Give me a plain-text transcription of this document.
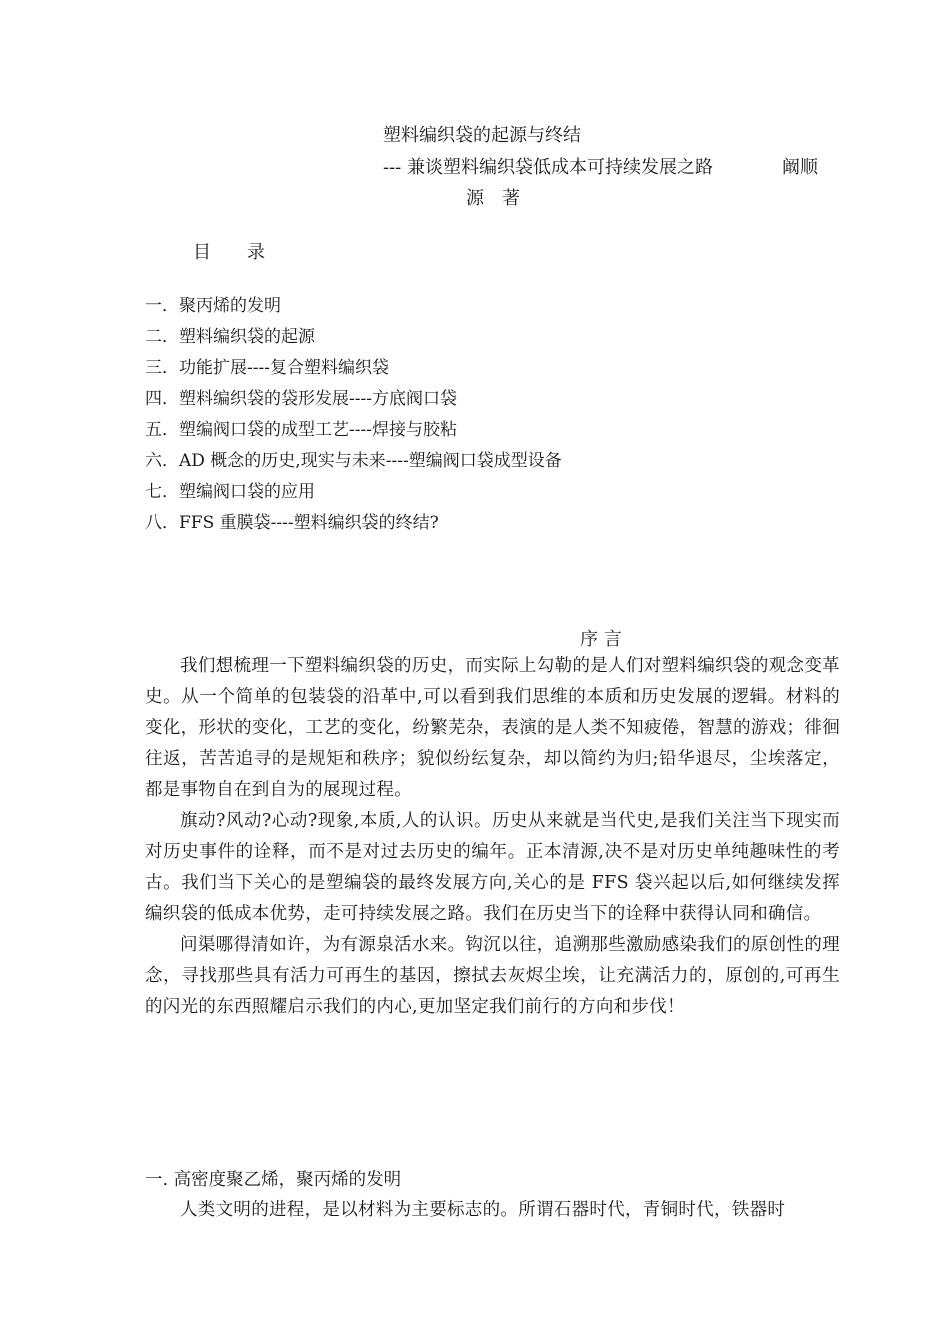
塑料编织袋的起源与终结
--- 兼谈塑料编织袋低成本可持续发展之路	阚顺
源　著
目　　录
一．聚丙烯的发明
二．塑料编织袋的起源
三．功能扩展----复合塑料编织袋
四．塑料编织袋的袋形发展----方底阀口袋
五．塑编阀口袋的成型工艺----焊接与胶粘
六．AD 概念的历史,现实与未来----塑编阀口袋成型设备
七．塑编阀口袋的应用
八．FFS 重膜袋----塑料编织袋的终结?
序 言

我们想梳理一下塑料编织袋的历史，而实际上勾勒的是人们对塑料编织袋的观念变革史。从一个简单的包装袋的沿革中,可以看到我们思维的本质和历史发展的逻辑。材料的变化，形状的变化，工艺的变化，纷繁芜杂，表演的是人类不知疲倦，智慧的游戏；徘徊往返，苦苦追寻的是规矩和秩序；貌似纷纭复杂，却以简约为归;铅华退尽，尘埃落定，都是事物自在到自为的展现过程。

旗动?风动?心动?现象,本质,人的认识。历史从来就是当代史,是我们关注当下现实而对历史事件的诠释，而不是对过去历史的编年。正本清源,决不是对历史单纯趣味性的考古。我们当下关心的是塑编袋的最终发展方向,关心的是 FFS 袋兴起以后,如何继续发挥编织袋的低成本优势，走可持续发展之路。我们在历史当下的诠释中获得认同和确信。

问渠哪得清如许，为有源泉活水来。钩沉以往，追溯那些激励感染我们的原创性的理念，寻找那些具有活力可再生的基因，擦拭去灰烬尘埃，让充满活力的，原创的,可再生的闪光的东西照耀启示我们的内心,更加坚定我们前行的方向和步伐！

一. 高密度聚乙烯，聚丙烯的发明
人类文明的进程，是以材料为主要标志的。所谓石器时代，青铜时代，铁器时
